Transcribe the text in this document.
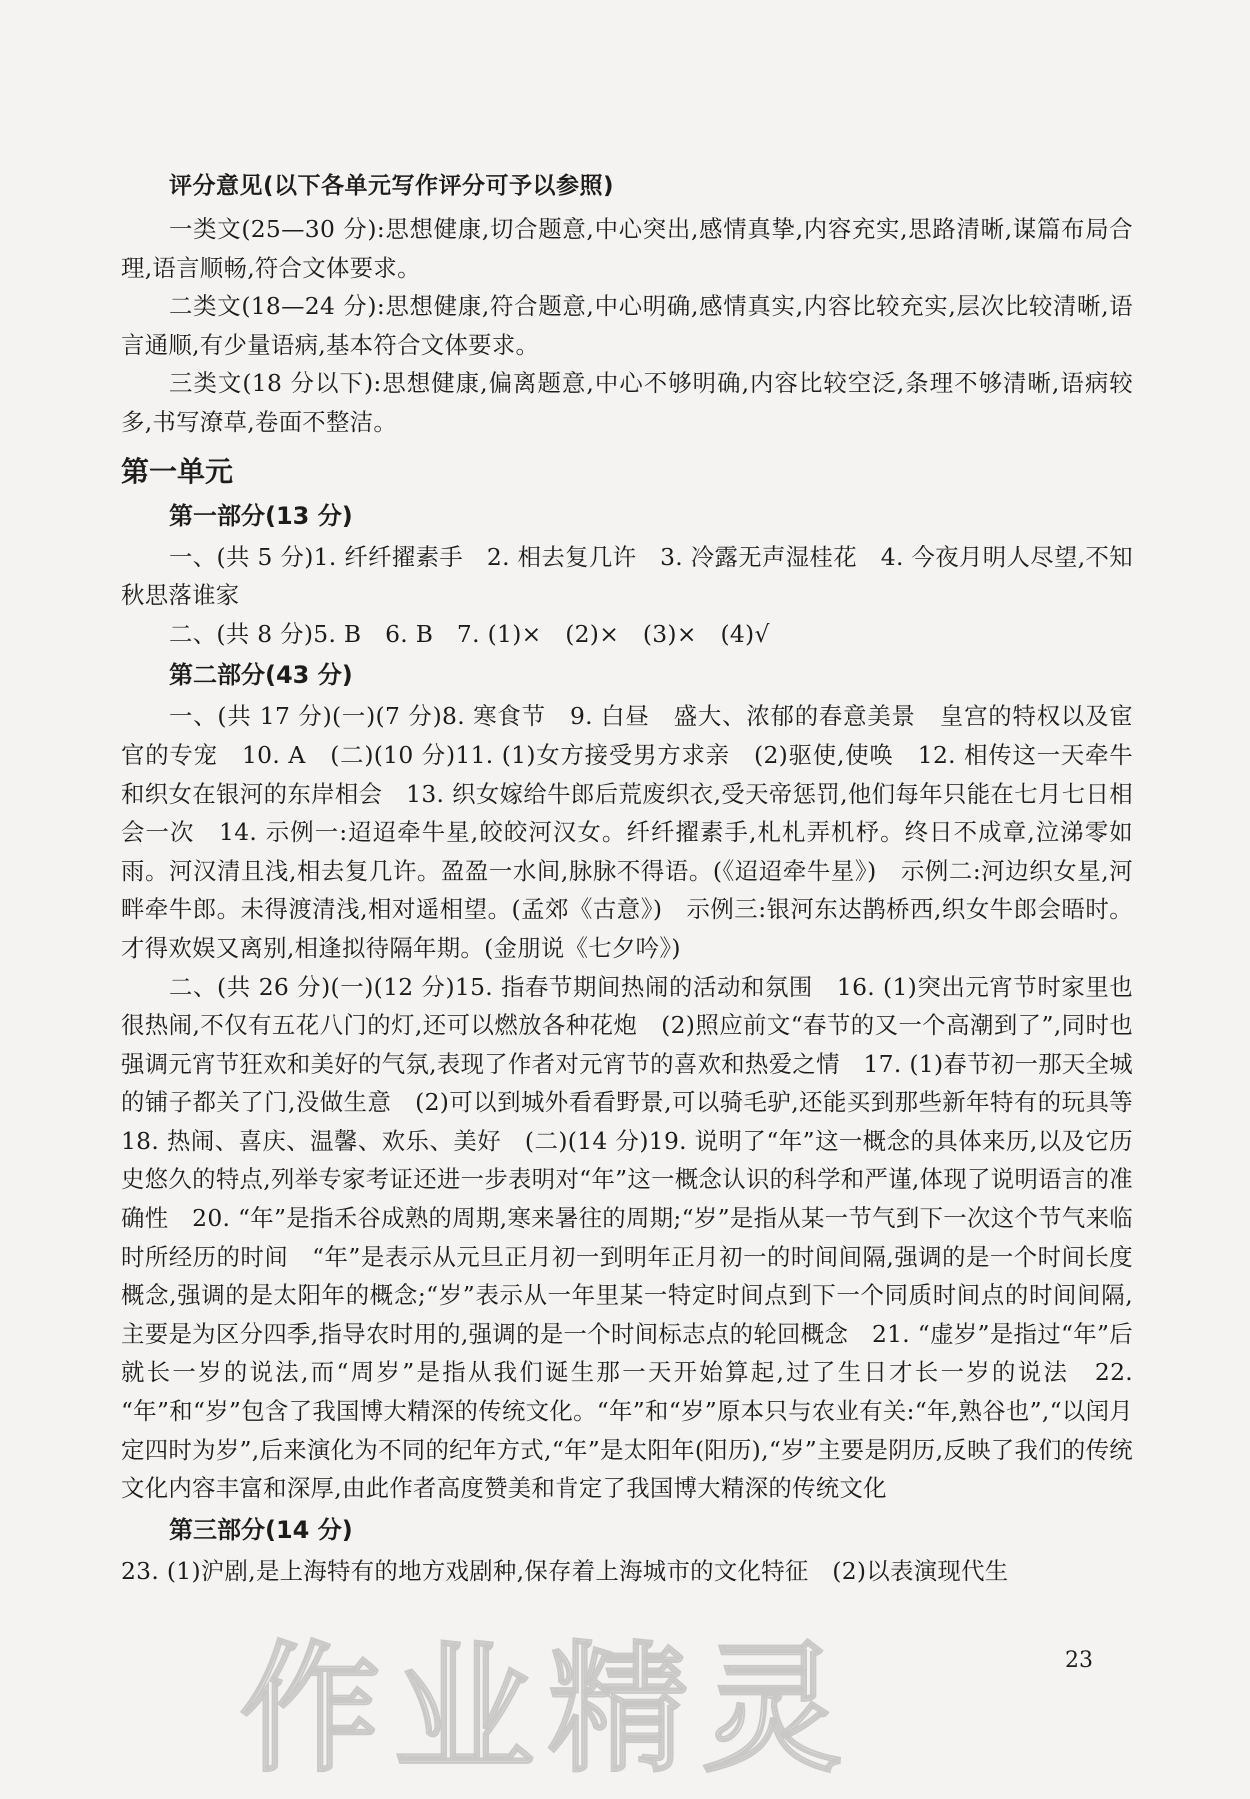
评分意见(以下各单元写作评分可予以参照)

一类文(25—30 分):思想健康,切合题意,中心突出,感情真挚,内容充实,思路清晰,谋篇布局合理,语言顺畅,符合文体要求。

二类文(18—24 分):思想健康,符合题意,中心明确,感情真实,内容比较充实,层次比较清晰,语言通顺,有少量语病,基本符合文体要求。

三类文(18 分以下):思想健康,偏离题意,中心不够明确,内容比较空泛,条理不够清晰,语病较多,书写潦草,卷面不整洁。

第一单元
第一部分(13 分)

一、(共 5 分)1. 纤纤擢素手　2. 相去复几许　3. 冷露无声湿桂花　4. 今夜月明人尽望,不知秋思落谁家

二、(共 8 分)5. B　6. B　7. (1)×　(2)×　(3)×　(4)√

第二部分(43 分)

一、(共 17 分)(一)(7 分)8. 寒食节　9. 白昼　盛大、浓郁的春意美景　皇宫的特权以及宦官的专宠　10. A　(二)(10 分)11. (1)女方接受男方求亲　(2)驱使,使唤　12. 相传这一天牵牛和织女在银河的东岸相会　13. 织女嫁给牛郎后荒废织衣,受天帝惩罚,他们每年只能在七月七日相会一次　14. 示例一:迢迢牵牛星,皎皎河汉女。纤纤擢素手,札札弄机杼。终日不成章,泣涕零如雨。河汉清且浅,相去复几许。盈盈一水间,脉脉不得语。(《迢迢牵牛星》)　示例二:河边织女星,河畔牵牛郎。未得渡清浅,相对遥相望。(孟郊《古意》)　示例三:银河东达鹊桥西,织女牛郎会晤时。才得欢娱又离别,相逢拟待隔年期。(金朋说《七夕吟》)

二、(共 26 分)(一)(12 分)15. 指春节期间热闹的活动和氛围　16. (1)突出元宵节时家里也很热闹,不仅有五花八门的灯,还可以燃放各种花炮　(2)照应前文“春节的又一个高潮到了”,同时也强调元宵节狂欢和美好的气氛,表现了作者对元宵节的喜欢和热爱之情　17. (1)春节初一那天全城的铺子都关了门,没做生意　(2)可以到城外看看野景,可以骑毛驴,还能买到那些新年特有的玩具等　18. 热闹、喜庆、温馨、欢乐、美好　(二)(14 分)19. 说明了“年”这一概念的具体来历,以及它历史悠久的特点,列举专家考证还进一步表明对“年”这一概念认识的科学和严谨,体现了说明语言的准确性　20. “年”是指禾谷成熟的周期,寒来暑往的周期;“岁”是指从某一节气到下一次这个节气来临时所经历的时间　“年”是表示从元旦正月初一到明年正月初一的时间间隔,强调的是一个时间长度概念,强调的是太阳年的概念;“岁”表示从一年里某一特定时间点到下一个同质时间点的时间间隔,主要是为区分四季,指导农时用的,强调的是一个时间标志点的轮回概念　21. “虚岁”是指过“年”后就长一岁的说法,而“周岁”是指从我们诞生那一天开始算起,过了生日才长一岁的说法　22. “年”和“岁”包含了我国博大精深的传统文化。“年”和“岁”原本只与农业有关:“年,熟谷也”,“以闰月定四时为岁”,后来演化为不同的纪年方式,“年”是太阳年(阳历),“岁”主要是阴历,反映了我们的传统文化内容丰富和深厚,由此作者高度赞美和肯定了我国博大精深的传统文化

第三部分(14 分)

23. (1)沪剧,是上海特有的地方戏剧种,保存着上海城市的文化特征　(2)以表演现代生

23
作业精灵
